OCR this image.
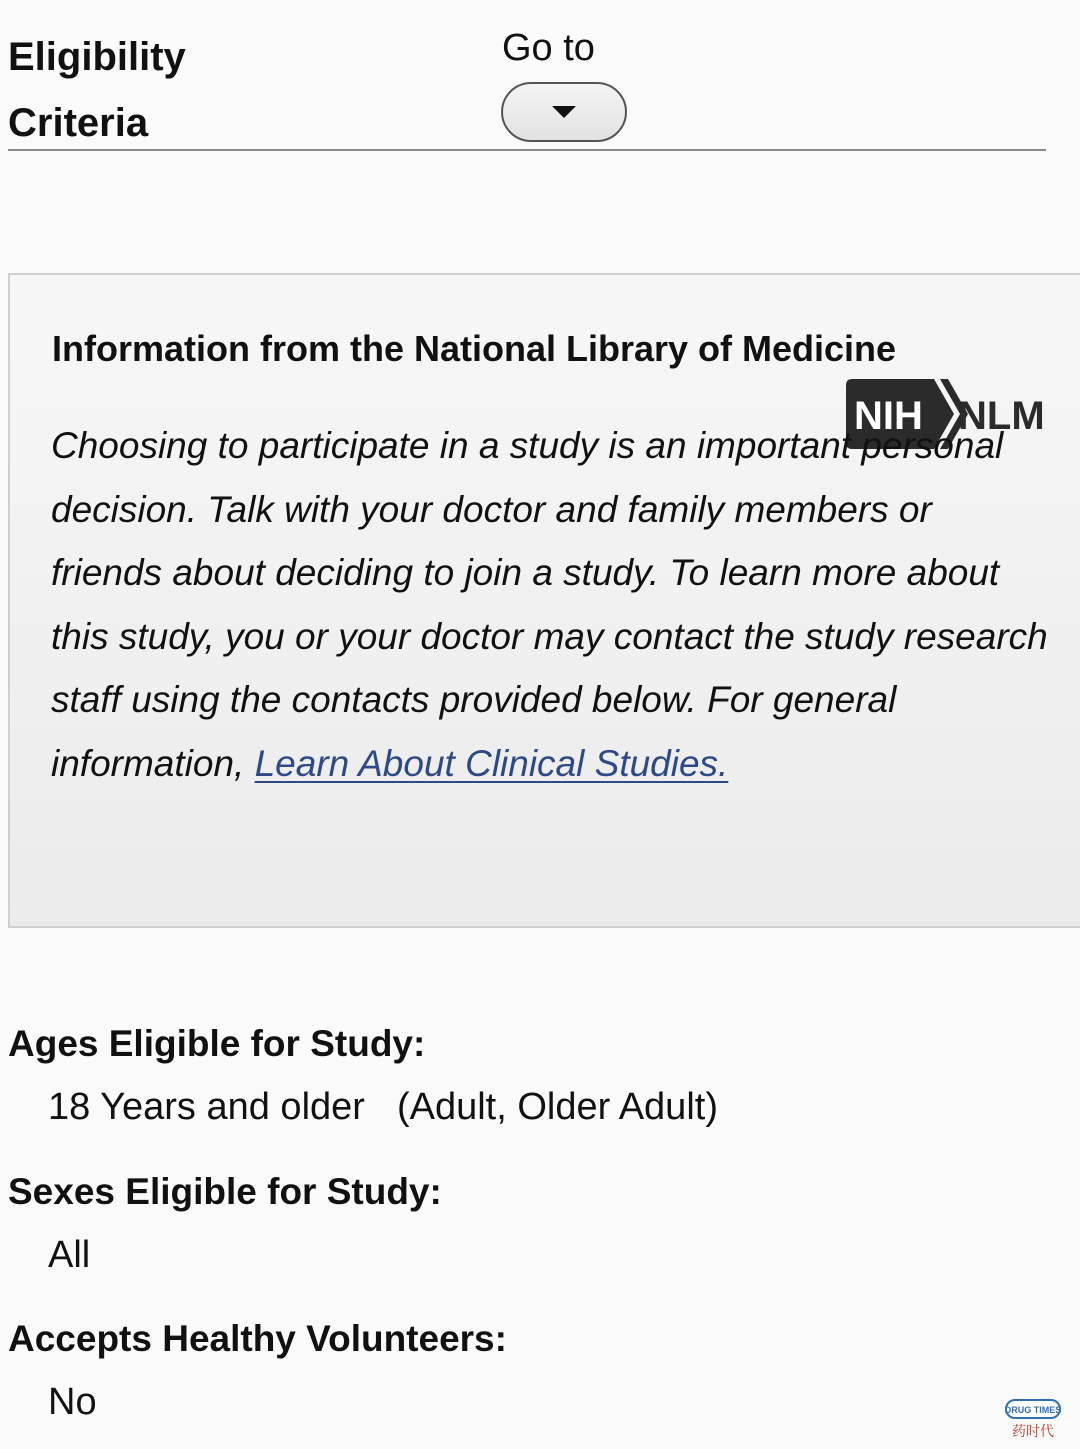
Eligibility
Criteria
Go to
Information from the National Library of Medicine
NIH NLM

Choosing to participate in a study is an important personal decision. Talk with your doctor and family members or friends about deciding to join a study. To learn more about this study, you or your doctor may contact the study research staff using the contacts provided below. For general information, Learn About Clinical Studies.

Ages Eligible for Study:

18 Years and older (Adult, Older Adult)

Sexes Eligible for Study:

All

Accepts Healthy Volunteers:

No	DRUG TIMES
药时代
